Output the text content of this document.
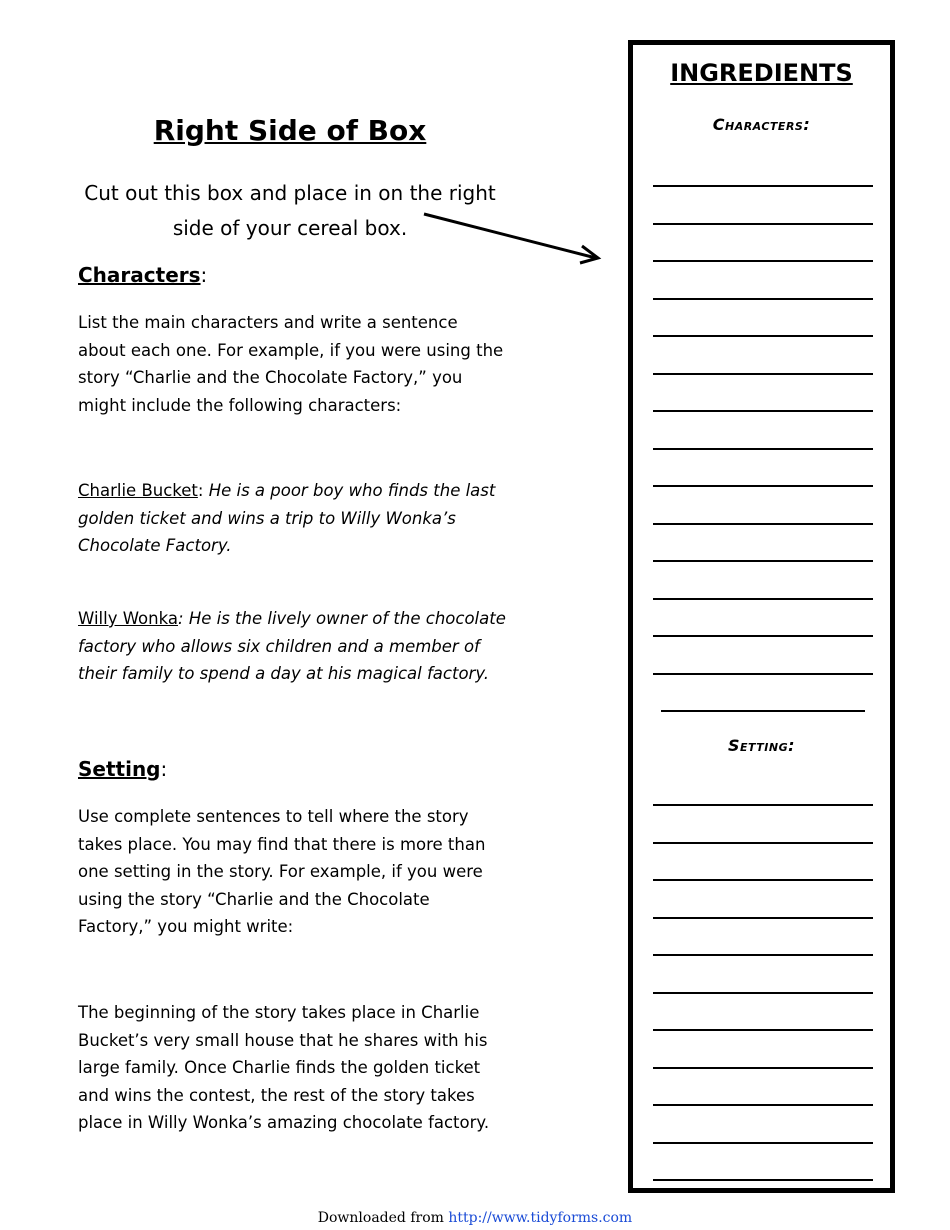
Right Side of Box
Cut out this box and place in on the right side of your cereal box.
Characters:
List the main characters and write a sentence about each one. For example, if you were using the story “Charlie and the Chocolate Factory,” you might include the following characters:
Charlie Bucket: He is a poor boy who finds the last golden ticket and wins a trip to Willy Wonka’s Chocolate Factory.
Willy Wonka: He is the lively owner of the chocolate factory who allows six children and a member of their family to spend a day at his magical factory.
Setting:
Use complete sentences to tell where the story takes place. You may find that there is more than one setting in the story. For example, if you were using the story “Charlie and the Chocolate Factory,” you might write:
The beginning of the story takes place in Charlie Bucket’s very small house that he shares with his large family. Once Charlie finds the golden ticket and wins the contest, the rest of the story takes place in Willy Wonka’s amazing chocolate factory.
INGREDIENTS
Characters:
Setting:
Downloaded from http://www.tidyforms.com
